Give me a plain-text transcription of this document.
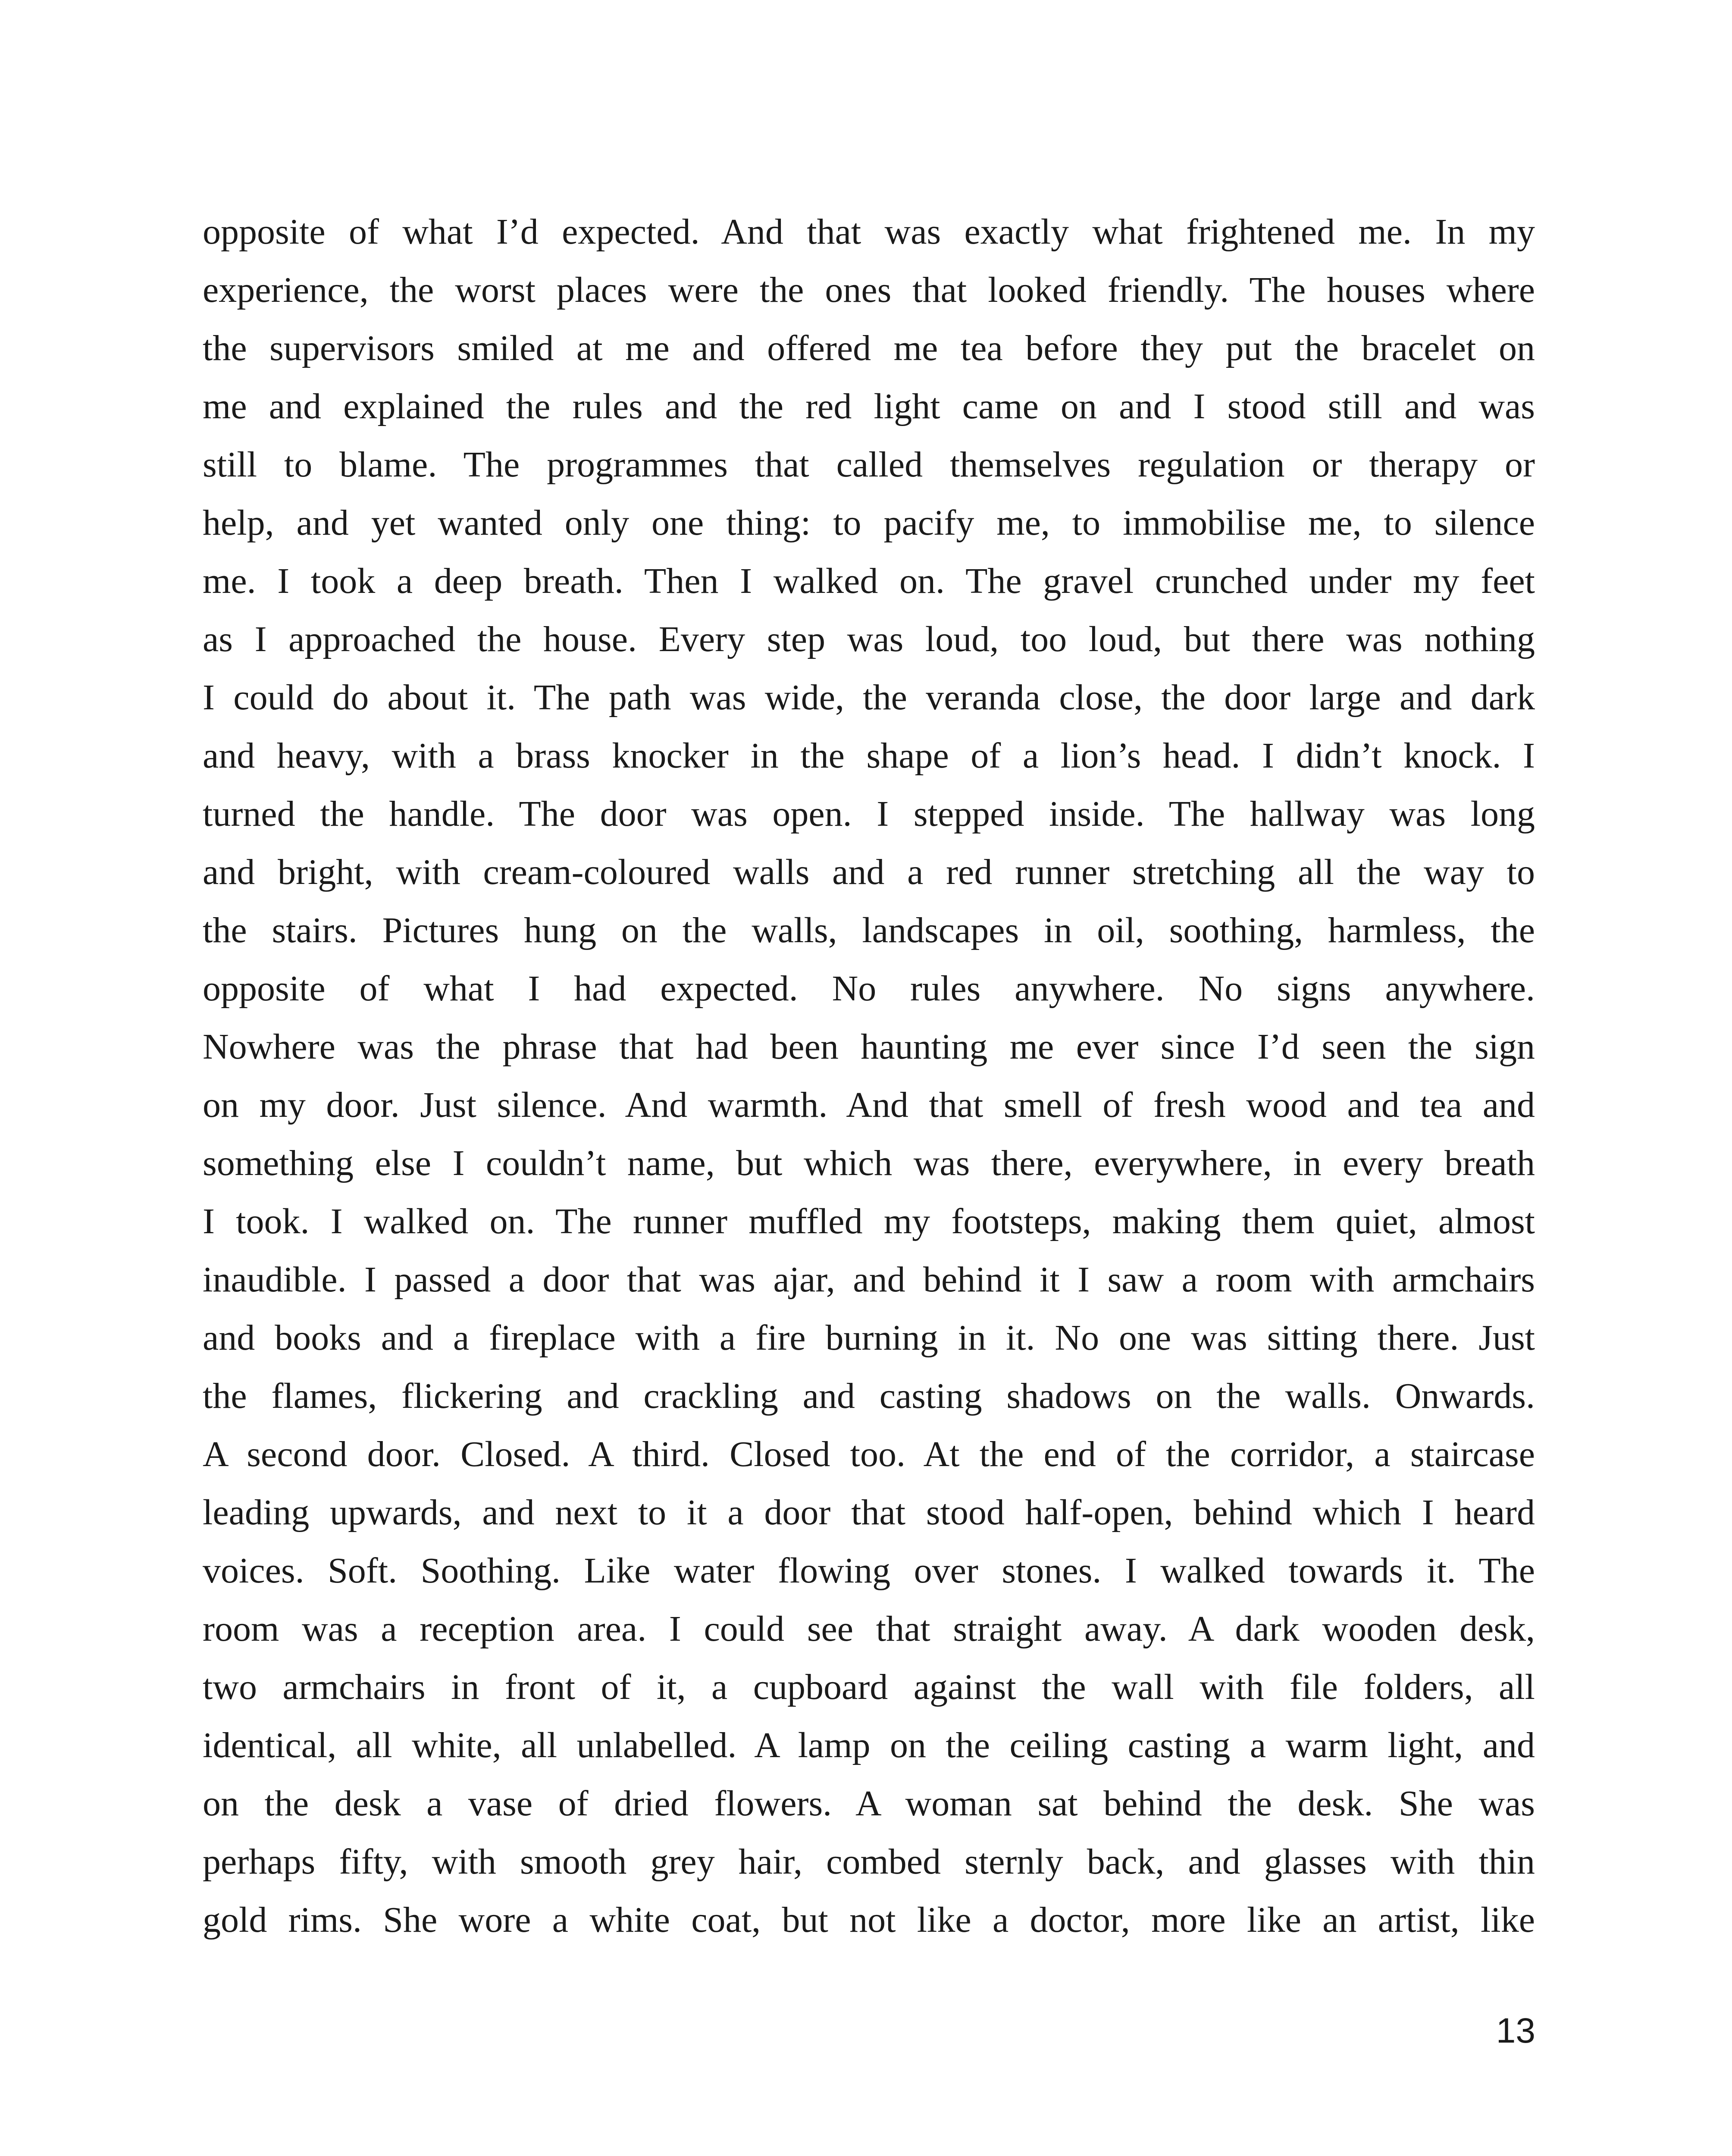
opposite of what I’d expected. And that was exactly what frightened me. In my
experience, the worst places were the ones that looked friendly. The houses where
the supervisors smiled at me and offered me tea before they put the bracelet on
me and explained the rules and the red light came on and I stood still and was
still to blame. The programmes that called themselves regulation or therapy or
help, and yet wanted only one thing: to pacify me, to immobilise me, to silence
me. I took a deep breath. Then I walked on. The gravel crunched under my feet
as I approached the house. Every step was loud, too loud, but there was nothing
I could do about it. The path was wide, the veranda close, the door large and dark
and heavy, with a brass knocker in the shape of a lion’s head. I didn’t knock. I
turned the handle. The door was open. I stepped inside. The hallway was long
and bright, with cream-coloured walls and a red runner stretching all the way to
the stairs. Pictures hung on the walls, landscapes in oil, soothing, harmless, the
opposite of what I had expected. No rules anywhere. No signs anywhere.
Nowhere was the phrase that had been haunting me ever since I’d seen the sign
on my door. Just silence. And warmth. And that smell of fresh wood and tea and
something else I couldn’t name, but which was there, everywhere, in every breath
I took. I walked on. The runner muffled my footsteps, making them quiet, almost
inaudible. I passed a door that was ajar, and behind it I saw a room with armchairs
and books and a fireplace with a fire burning in it. No one was sitting there. Just
the flames, flickering and crackling and casting shadows on the walls. Onwards.
A second door. Closed. A third. Closed too. At the end of the corridor, a staircase
leading upwards, and next to it a door that stood half-open, behind which I heard
voices. Soft. Soothing. Like water flowing over stones. I walked towards it. The
room was a reception area. I could see that straight away. A dark wooden desk,
two armchairs in front of it, a cupboard against the wall with file folders, all
identical, all white, all unlabelled. A lamp on the ceiling casting a warm light, and
on the desk a vase of dried flowers. A woman sat behind the desk. She was
perhaps fifty, with smooth grey hair, combed sternly back, and glasses with thin
gold rims. She wore a white coat, but not like a doctor, more like an artist, like
13
